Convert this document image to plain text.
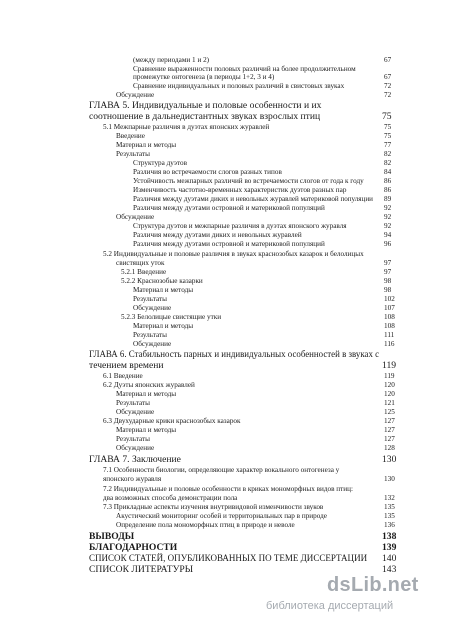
(между периодами 1 и 2)	67
Сравнение выраженности половых различий на более продолжительном
промежутке онтогенеза (в периоды 1+2, 3 и 4)	67
Сравнение индивидуальных и половых различий в свистовых звуках	72
Обсуждение	72
ГЛАВА 5. Индивидуальные и половые особенности и их
соотношение в дальнедистантных звуках взрослых птиц	75
5.1 Межпарные различия в дуэтах японских журавлей	75
Введение	75
Материал и методы	77
Результаты	82
Структура дуэтов	82
Различия во встречаемости слогов разных типов	84
Устойчивость межпарных различий во встречаемости слогов от года к году	86
Изменчивость частотно-временных характеристик дуэтов разных пар	86
Различия между дуэтами диких и невольных журавлей материковой популяции 89
Различия между дуэтами островной и материковой популяций	92
Обсуждение	92
Структура дуэтов и межпарные различия в дуэтах японского журавля	92
Различия между дуэтами диких и невольных журавлей	94
Различия между дуэтами островной и материковой популяций	96
5.2 Индивидуальные и половые различия в звуках краснозобых казарок и белолицых
свистящих уток	97
5.2.1 Введение	97
5.2.2 Краснозобые казарки	98
Материал и методы	98
Результаты	102
Обсуждение	107
5.2.3 Белолицые свистящие утки	108
Материал и методы	108
Результаты	111
Обсуждение	116
ГЛАВА 6. Стабильность парных и индивидуальных особенностей в звуках с
течением времени	119
6.1 Введение	119
6.2 Дуэты японских журавлей	120
Материал и методы	120
Результаты	121
Обсуждение	125
6.3 Двухударные крики краснозобых казарок	127
Материал и методы	127
Результаты	127
Обсуждение	128
ГЛАВА 7. Заключение	130
7.1 Особенности биологии, определяющие характер вокального онтогенеза у
японского журавля	130
7.2 Индивидуальные и половые особенности в криках мономорфных видов птиц:
два возможных способа демонстрации пола	132
7.3 Прикладные аспекты изучения внутривидовой изменчивости звуков	135
Акустический мониторинг особей и территориальных пар в природе	135
Определение пола мономорфных птиц в природе и неволе	136
ВЫВОДЫ	138
БЛАГОДАРНОСТИ	139
СПИСОК СТАТЕЙ, ОПУБЛИКОВАННЫХ ПО ТЕМЕ ДИССЕРТАЦИИ 140
СПИСОК ЛИТЕРАТУРЫ	143
dsLib.net
библиотека диссертаций
